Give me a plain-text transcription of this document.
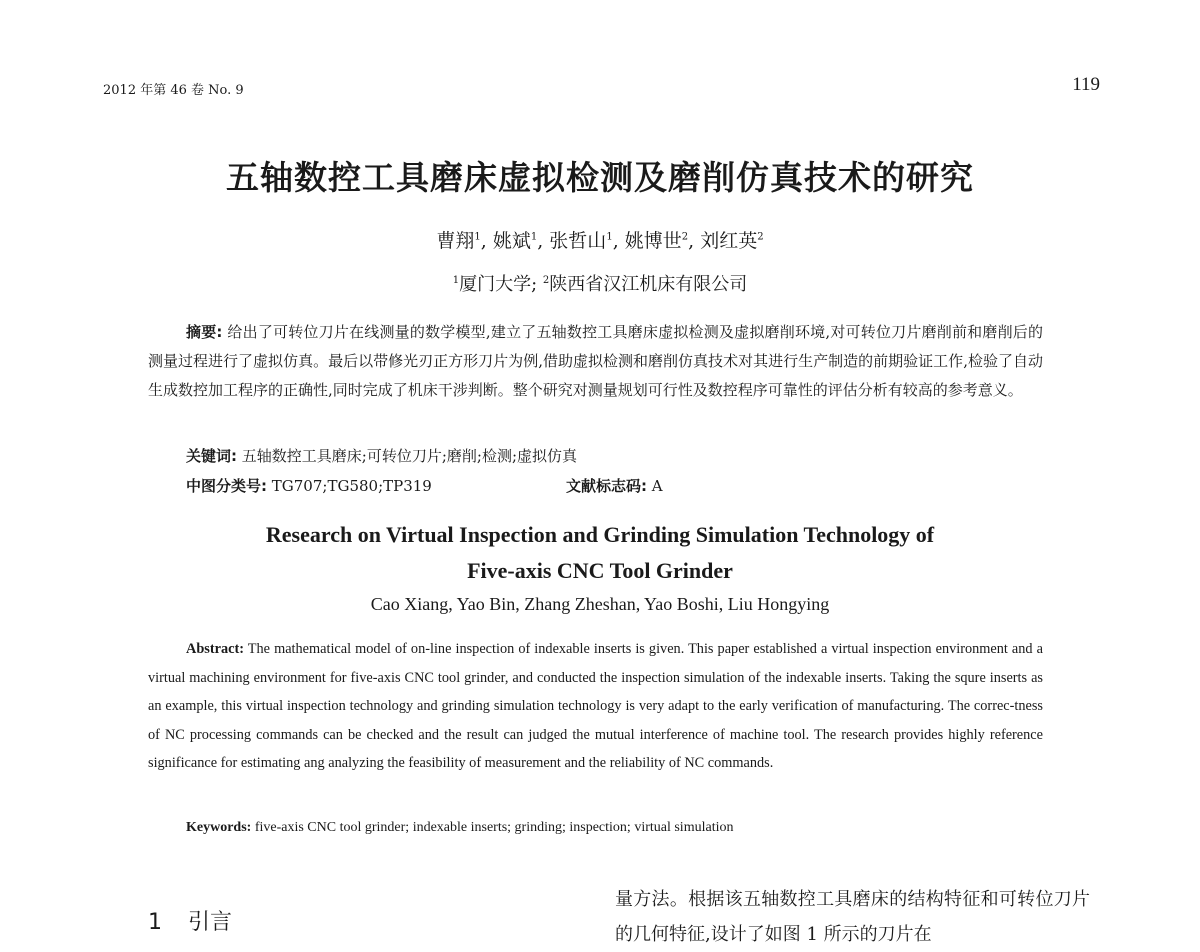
2012 年第 46 卷 No. 9	119
五轴数控工具磨床虚拟检测及磨削仿真技术的研究
曹翔$^1$, 姚斌$^1$, 张哲山$^1$, 姚博世$^2$, 刘红英$^2$
$^1$厦门大学; $^2$陕西省汉江机床有限公司
摘要: 给出了可转位刀片在线测量的数学模型,建立了五轴数控工具磨床虚拟检测及虚拟磨削环境,对可转位刀片磨削前和磨削后的测量过程进行了虚拟仿真。最后以带修光刃正方形刀片为例,借助虚拟检测和磨削仿真技术对其进行生产制造的前期验证工作,检验了自动生成数控加工程序的正确性,同时完成了机床干涉判断。整个研究对测量规划可行性及数控程序可靠性的评估分析有较高的参考意义。
关键词: 五轴数控工具磨床;可转位刀片;磨削;检测;虚拟仿真
中图分类号: TG707;TG580;TP319	文献标志码: A
Research on Virtual Inspection and Grinding Simulation Technology of
Five-axis CNC Tool Grinder
Cao Xiang, Yao Bin, Zhang Zheshan, Yao Boshi, Liu Hongying
Abstract: The mathematical model of on-line inspection of indexable inserts is given. This paper established a virtual inspection environment and a virtual machining environment for five-axis CNC tool grinder, and conducted the inspection simulation of the indexable inserts. Taking the squre inserts as an example, this virtual inspection technology and grinding simulation technology is very adapt to the early verification of manufacturing. The correc-tness of NC processing commands can be checked and the result can judged the mutual interference of machine tool. The research provides highly reference significance for estimating ang analyzing the feasibility of measurement and the reliability of NC commands.
Keywords: five-axis CNC tool grinder; indexable inserts; grinding; inspection; virtual simulation
1 引言
量方法。根据该五轴数控工具磨床的结构特征和可转位刀片的几何特征,设计了如图 1 所示的刀片在
